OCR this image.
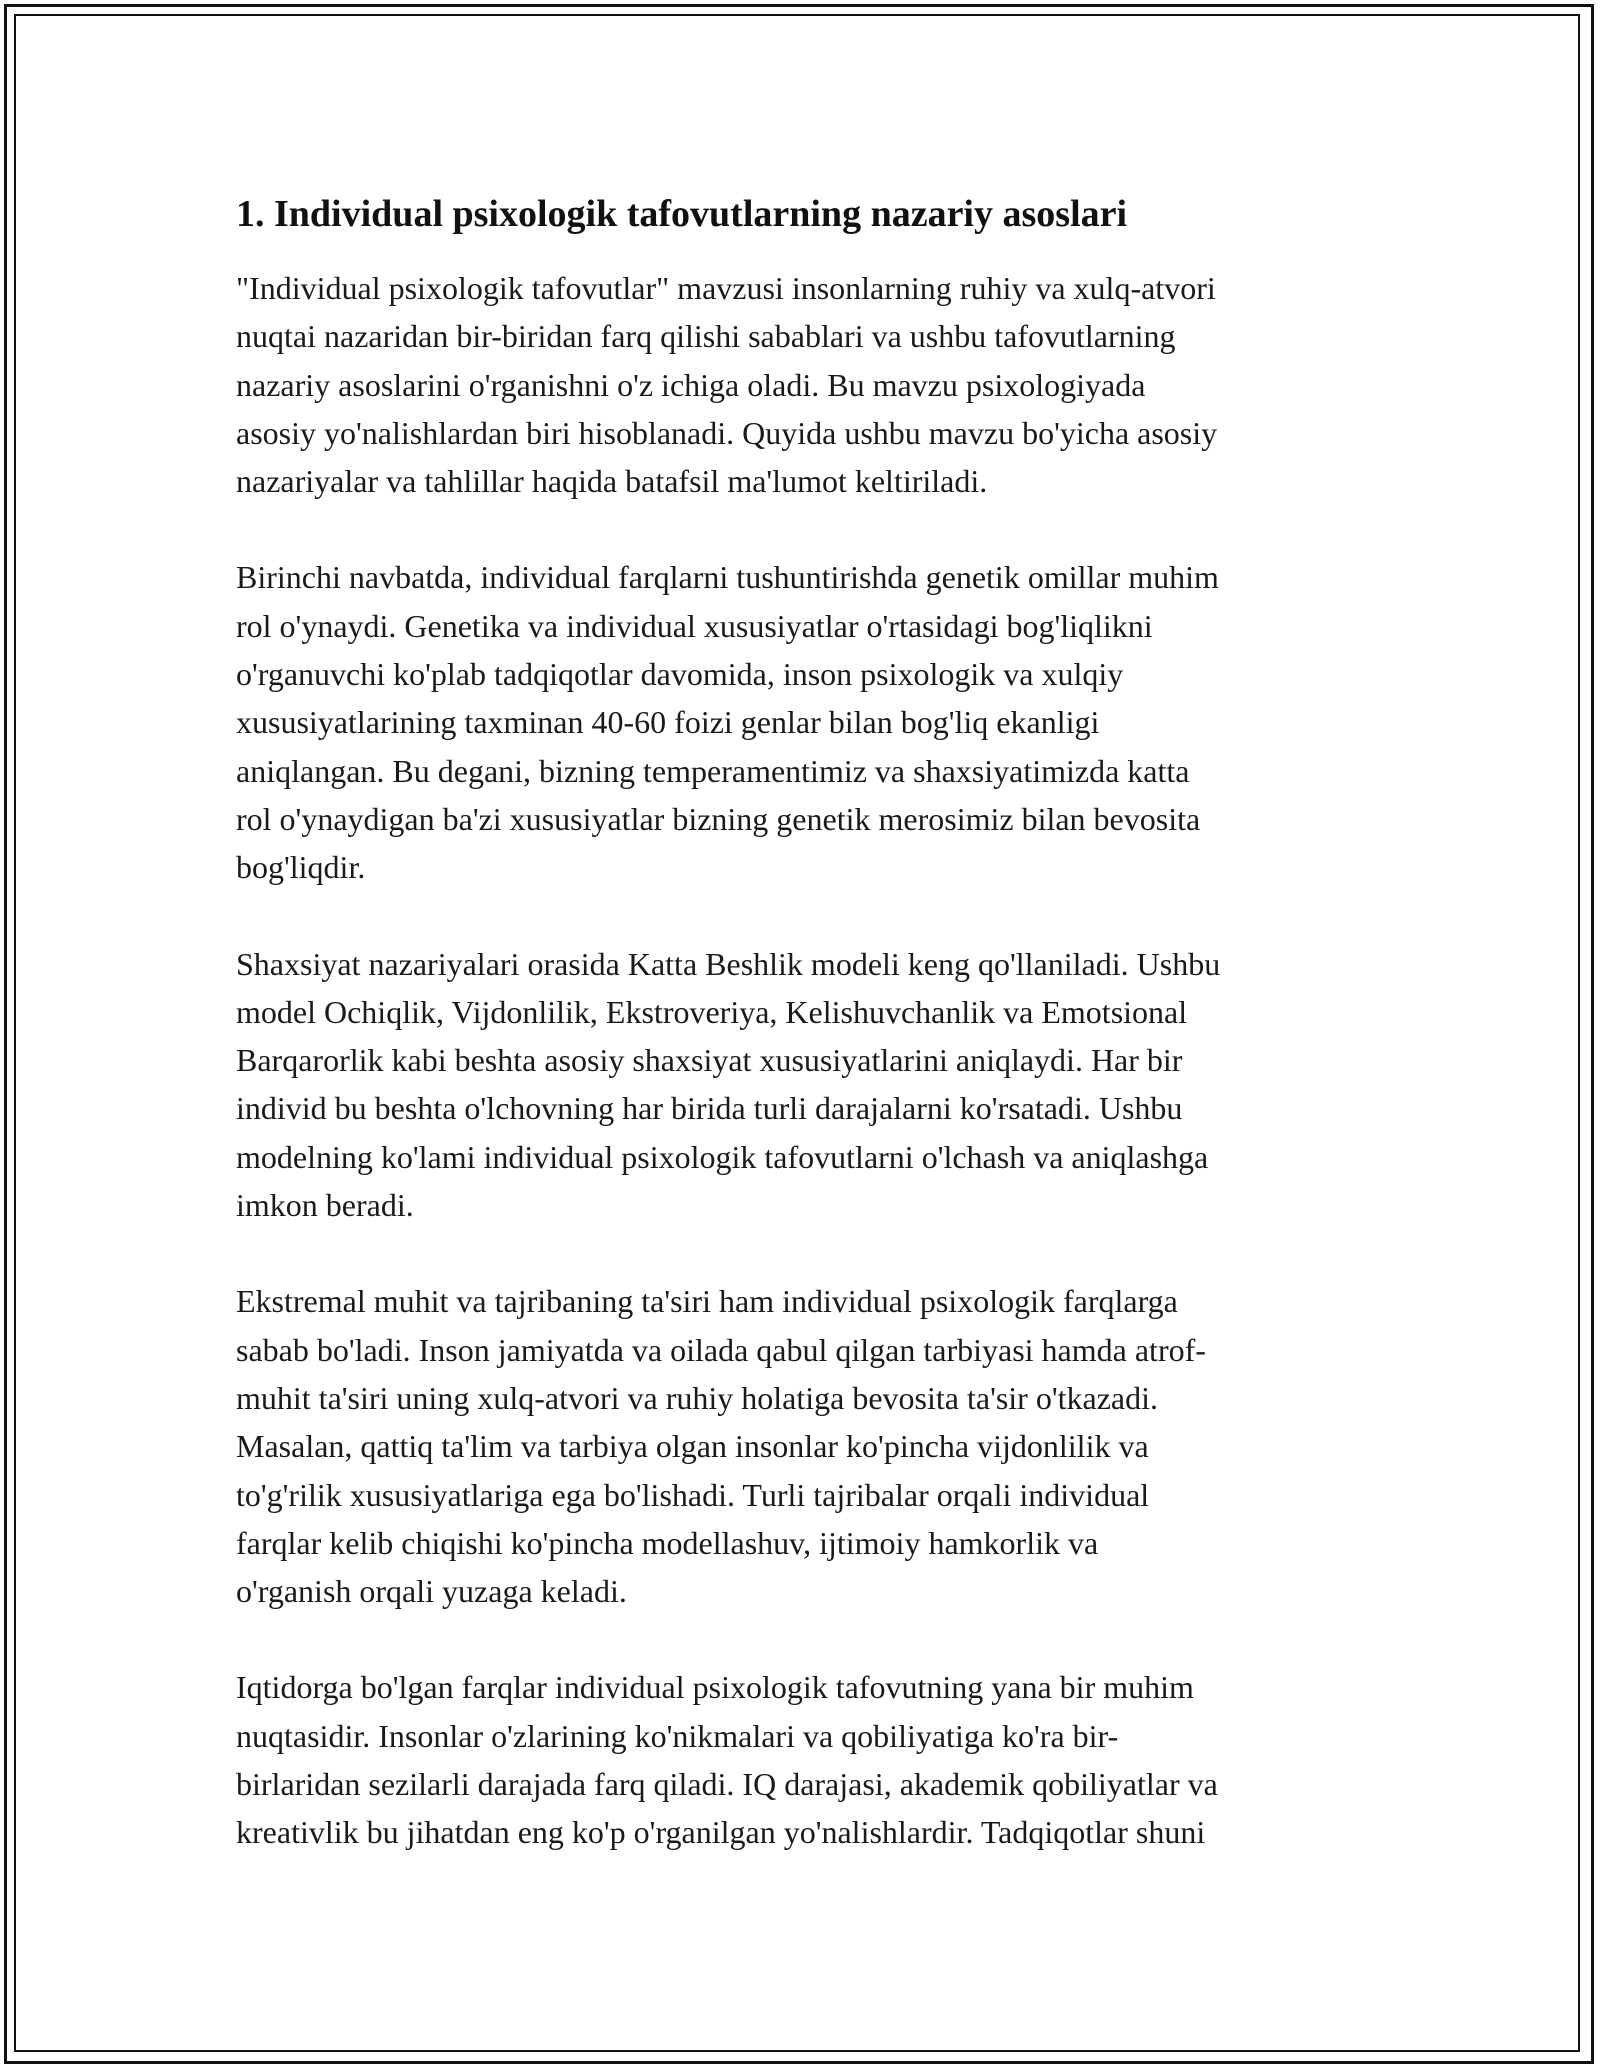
1. Individual psixologik tafovutlarning nazariy asoslari

"Individual psixologik tafovutlar" mavzusi insonlarning ruhiy va xulq-atvori
nuqtai nazaridan bir-biridan farq qilishi sabablari va ushbu tafovutlarning
nazariy asoslarini o'rganishni o'z ichiga oladi. Bu mavzu psixologiyada
asosiy yo'nalishlardan biri hisoblanadi. Quyida ushbu mavzu bo'yicha asosiy
nazariyalar va tahlillar haqida batafsil ma'lumot keltiriladi.

Birinchi navbatda, individual farqlarni tushuntirishda genetik omillar muhim
rol o'ynaydi. Genetika va individual xususiyatlar o'rtasidagi bog'liqlikni
o'rganuvchi ko'plab tadqiqotlar davomida, inson psixologik va xulqiy
xususiyatlarining taxminan 40-60 foizi genlar bilan bog'liq ekanligi
aniqlangan. Bu degani, bizning temperamentimiz va shaxsiyatimizda katta
rol o'ynaydigan ba'zi xususiyatlar bizning genetik merosimiz bilan bevosita
bog'liqdir.

Shaxsiyat nazariyalari orasida Katta Beshlik modeli keng qo'llaniladi. Ushbu
model Ochiqlik, Vijdonlilik, Ekstroveriya, Kelishuvchanlik va Emotsional
Barqarorlik kabi beshta asosiy shaxsiyat xususiyatlarini aniqlaydi. Har bir
individ bu beshta o'lchovning har birida turli darajalarni ko'rsatadi. Ushbu
modelning ko'lami individual psixologik tafovutlarni o'lchash va aniqlashga
imkon beradi.

Ekstremal muhit va tajribaning ta'siri ham individual psixologik farqlarga
sabab bo'ladi. Inson jamiyatda va oilada qabul qilgan tarbiyasi hamda atrof-
muhit ta'siri uning xulq-atvori va ruhiy holatiga bevosita ta'sir o'tkazadi.
Masalan, qattiq ta'lim va tarbiya olgan insonlar ko'pincha vijdonlilik va
to'g'rilik xususiyatlariga ega bo'lishadi. Turli tajribalar orqali individual
farqlar kelib chiqishi ko'pincha modellashuv, ijtimoiy hamkorlik va
o'rganish orqali yuzaga keladi.

Iqtidorga bo'lgan farqlar individual psixologik tafovutning yana bir muhim
nuqtasidir. Insonlar o'zlarining ko'nikmalari va qobiliyatiga ko'ra bir-
birlaridan sezilarli darajada farq qiladi. IQ darajasi, akademik qobiliyatlar va
kreativlik bu jihatdan eng ko'p o'rganilgan yo'nalishlardir. Tadqiqotlar shuni
